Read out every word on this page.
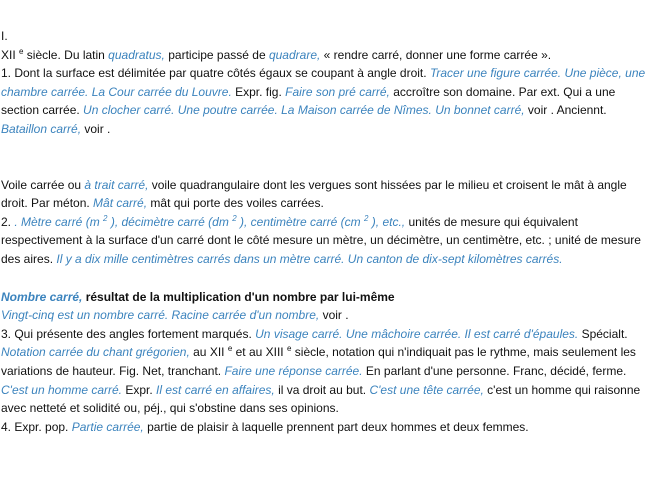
I.

XII $^e$ siècle. Du latin quadratus, participe passé de quadrare, « rendre carré, donner une forme carrée ».

1. Dont la surface est délimitée par quatre côtés égaux se coupant à angle droit. Tracer une figure carrée. Une pièce, une chambre carrée. La Cour carrée du Louvre. Expr. fig. Faire son pré carré, accroître son domaine. Par ext. Qui a une section carrée. Un clocher carré. Une poutre carrée. La Maison carrée de Nîmes. Un bonnet carré, voir . Anciennt. Bataillon carré, voir .

Voile carrée ou à trait carré, voile quadrangulaire dont les vergues sont hissées par le milieu et croisent le mât à angle droit. Par méton. Mât carré, mât qui porte des voiles carrées.

2. . Mètre carré (m $^2$ ), décimètre carré (dm $^2$ ), centimètre carré (cm $^2$ ), etc., unités de mesure qui équivalent respectivement à la surface d'un carré dont le côté mesure un mètre, un décimètre, un centimètre, etc. ; unité de mesure des aires. Il y a dix mille centimètres carrés dans un mètre carré. Un canton de dix-sept kilomètres carrés.

Nombre carré, résultat de la multiplication d'un nombre par lui-même

Vingt-cinq est un nombre carré. Racine carrée d'un nombre, voir .

3. Qui présente des angles fortement marqués. Un visage carré. Une mâchoire carrée. Il est carré d'épaules. Spécialt. Notation carrée du chant grégorien, au XII $^e$ et au XIII $^e$ siècle, notation qui n'indiquait pas le rythme, mais seulement les variations de hauteur. Fig. Net, tranchant. Faire une réponse carrée. En parlant d'une personne. Franc, décidé, ferme. C'est un homme carré. Expr. Il est carré en affaires, il va droit au but. C'est une tête carrée, c'est un homme qui raisonne avec netteté et solidité ou, péj., qui s'obstine dans ses opinions.

4. Expr. pop. Partie carrée, partie de plaisir à laquelle prennent part deux hommes et deux femmes.
